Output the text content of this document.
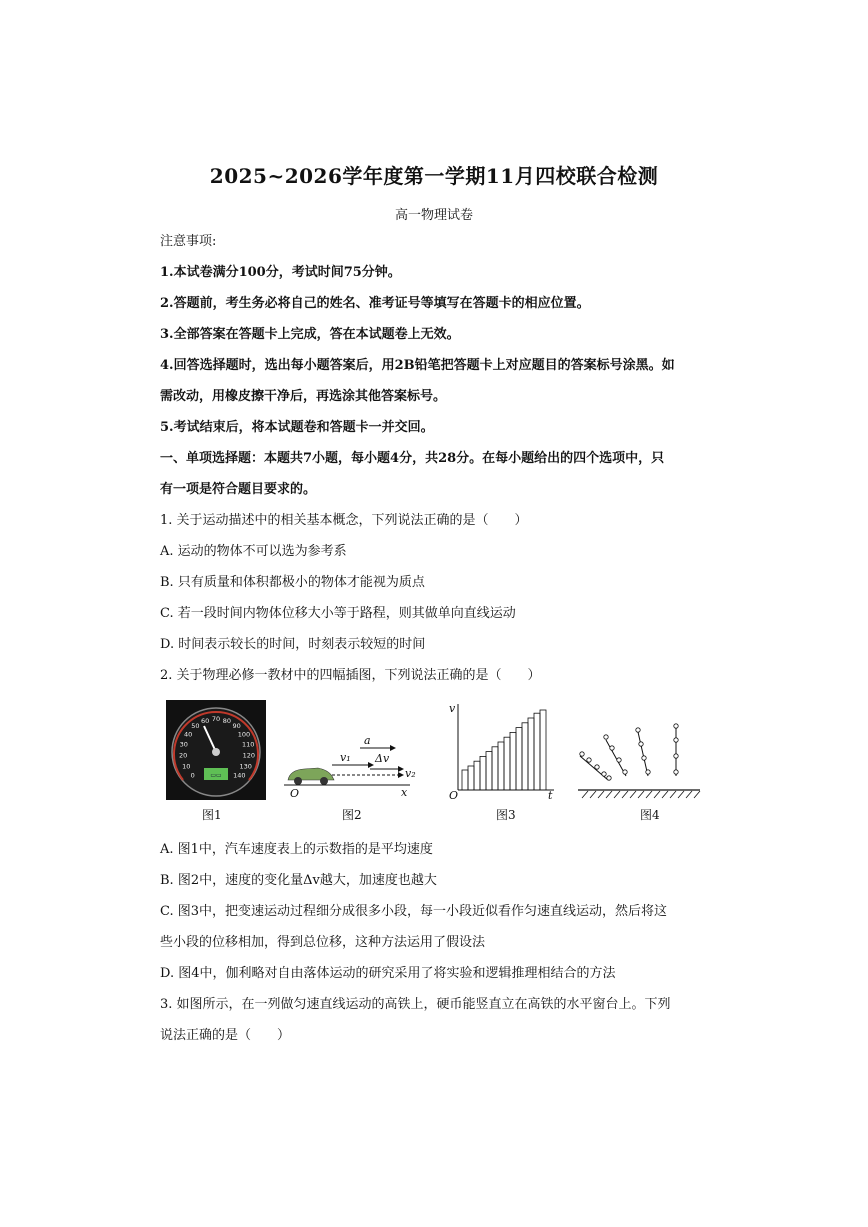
2025~2026学年度第一学期11月四校联合检测
高一物理试卷
注意事项:
1.本试卷满分100分，考试时间75分钟。
2.答题前，考生务必将自己的姓名、准考证号等填写在答题卡的相应位置。
3.全部答案在答题卡上完成，答在本试题卷上无效。
4.回答选择题时，选出每小题答案后，用2B铅笔把答题卡上对应题目的答案标号涂黑。如
需改动，用橡皮擦干净后，再选涂其他答案标号。
5.考试结束后，将本试题卷和答题卡一并交回。
一、单项选择题：本题共7小题，每小题4分，共28分。在每小题给出的四个选项中，只
有一项是符合题目要求的。
1. 关于运动描述中的相关基本概念，下列说法正确的是（　　）
A. 运动的物体不可以选为参考系
B. 只有质量和体积都极小的物体才能视为质点
C. 若一段时间内物体位移大小等于路程，则其做单向直线运动
D. 时间表示较长的时间，时刻表示较短的时间
2. 关于物理必修一教材中的四幅插图，下列说法正确的是（　　）
0
10
20
30
40
50
60 70 80
90
100
110
120
130
140
▭▭
a
v₁ Δv
v₂
O	x
v
O	t
图1	图2	图3	图4
A. 图1中，汽车速度表上的示数指的是平均速度
B. 图2中，速度的变化量Δv越大，加速度也越大
C. 图3中，把变速运动过程细分成很多小段，每一小段近似看作匀速直线运动，然后将这
些小段的位移相加，得到总位移，这种方法运用了假设法
D. 图4中，伽利略对自由落体运动的研究采用了将实验和逻辑推理相结合的方法
3. 如图所示，在一列做匀速直线运动的高铁上，硬币能竖直立在高铁的水平窗台上。下列
说法正确的是（　　）
